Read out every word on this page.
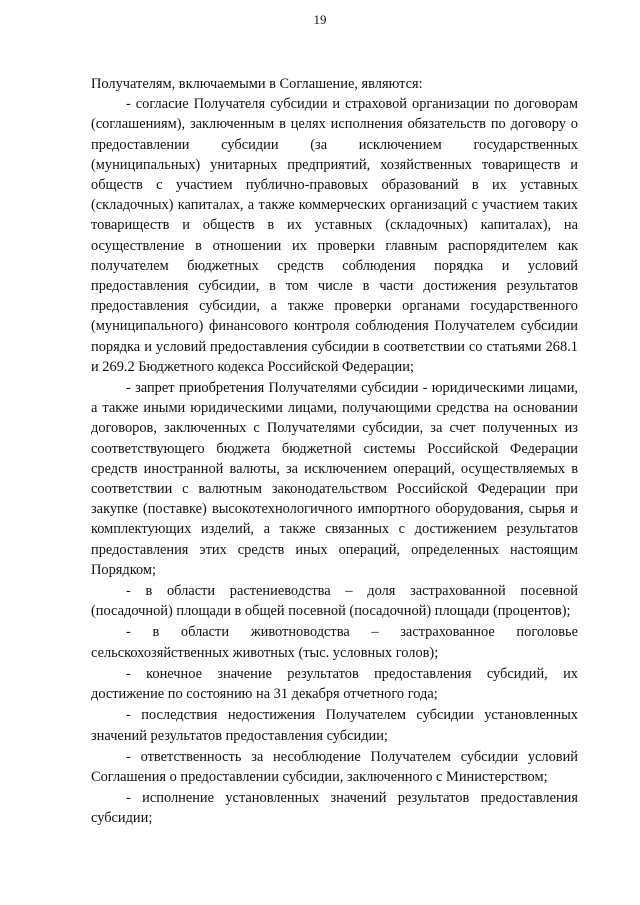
19

Получателям, включаемыми в Соглашение, являются:

- согласие Получателя субсидии и страховой организации по договорам (соглашениям), заключенным в целях исполнения обязательств по договору о предоставлении субсидии (за исключением государственных (муниципальных) унитарных предприятий, хозяйственных товариществ и обществ с участием публично-правовых образований в их уставных (складочных) капиталах, а также коммерческих организаций с участием таких товариществ и обществ в их уставных (складочных) капиталах), на осуществление в отношении их проверки главным распорядителем как получателем бюджетных средств соблюдения порядка и условий предоставления субсидии, в том числе в части достижения результатов предоставления субсидии, а также проверки органами государственного (муниципального) финансового контроля соблюдения Получателем субсидии порядка и условий предоставления субсидии в соответствии со статьями 268.1 и 269.2 Бюджетного кодекса Российской Федерации;

- запрет приобретения Получателями субсидии - юридическими лицами, а также иными юридическими лицами, получающими средства на основании договоров, заключенных с Получателями субсидии, за счет полученных из соответствующего бюджета бюджетной системы Российской Федерации средств иностранной валюты, за исключением операций, осуществляемых в соответствии с валютным законодательством Российской Федерации при закупке (поставке) высокотехнологичного импортного оборудования, сырья и комплектующих изделий, а также связанных с достижением результатов предоставления этих средств иных операций, определенных настоящим Порядком;

- в области растениеводства – доля застрахованной посевной (посадочной) площади в общей посевной (посадочной) площади (процентов);

- в области животноводства – застрахованное поголовье сельскохозяйственных животных (тыс. условных голов);

- конечное значение результатов предоставления субсидий, их достижение по состоянию на 31 декабря отчетного года;

- последствия недостижения Получателем субсидии установленных значений результатов предоставления субсидии;

- ответственность за несоблюдение Получателем субсидии условий Соглашения о предоставлении субсидии, заключенного с Министерством;

- исполнение установленных значений результатов предоставления субсидии;
